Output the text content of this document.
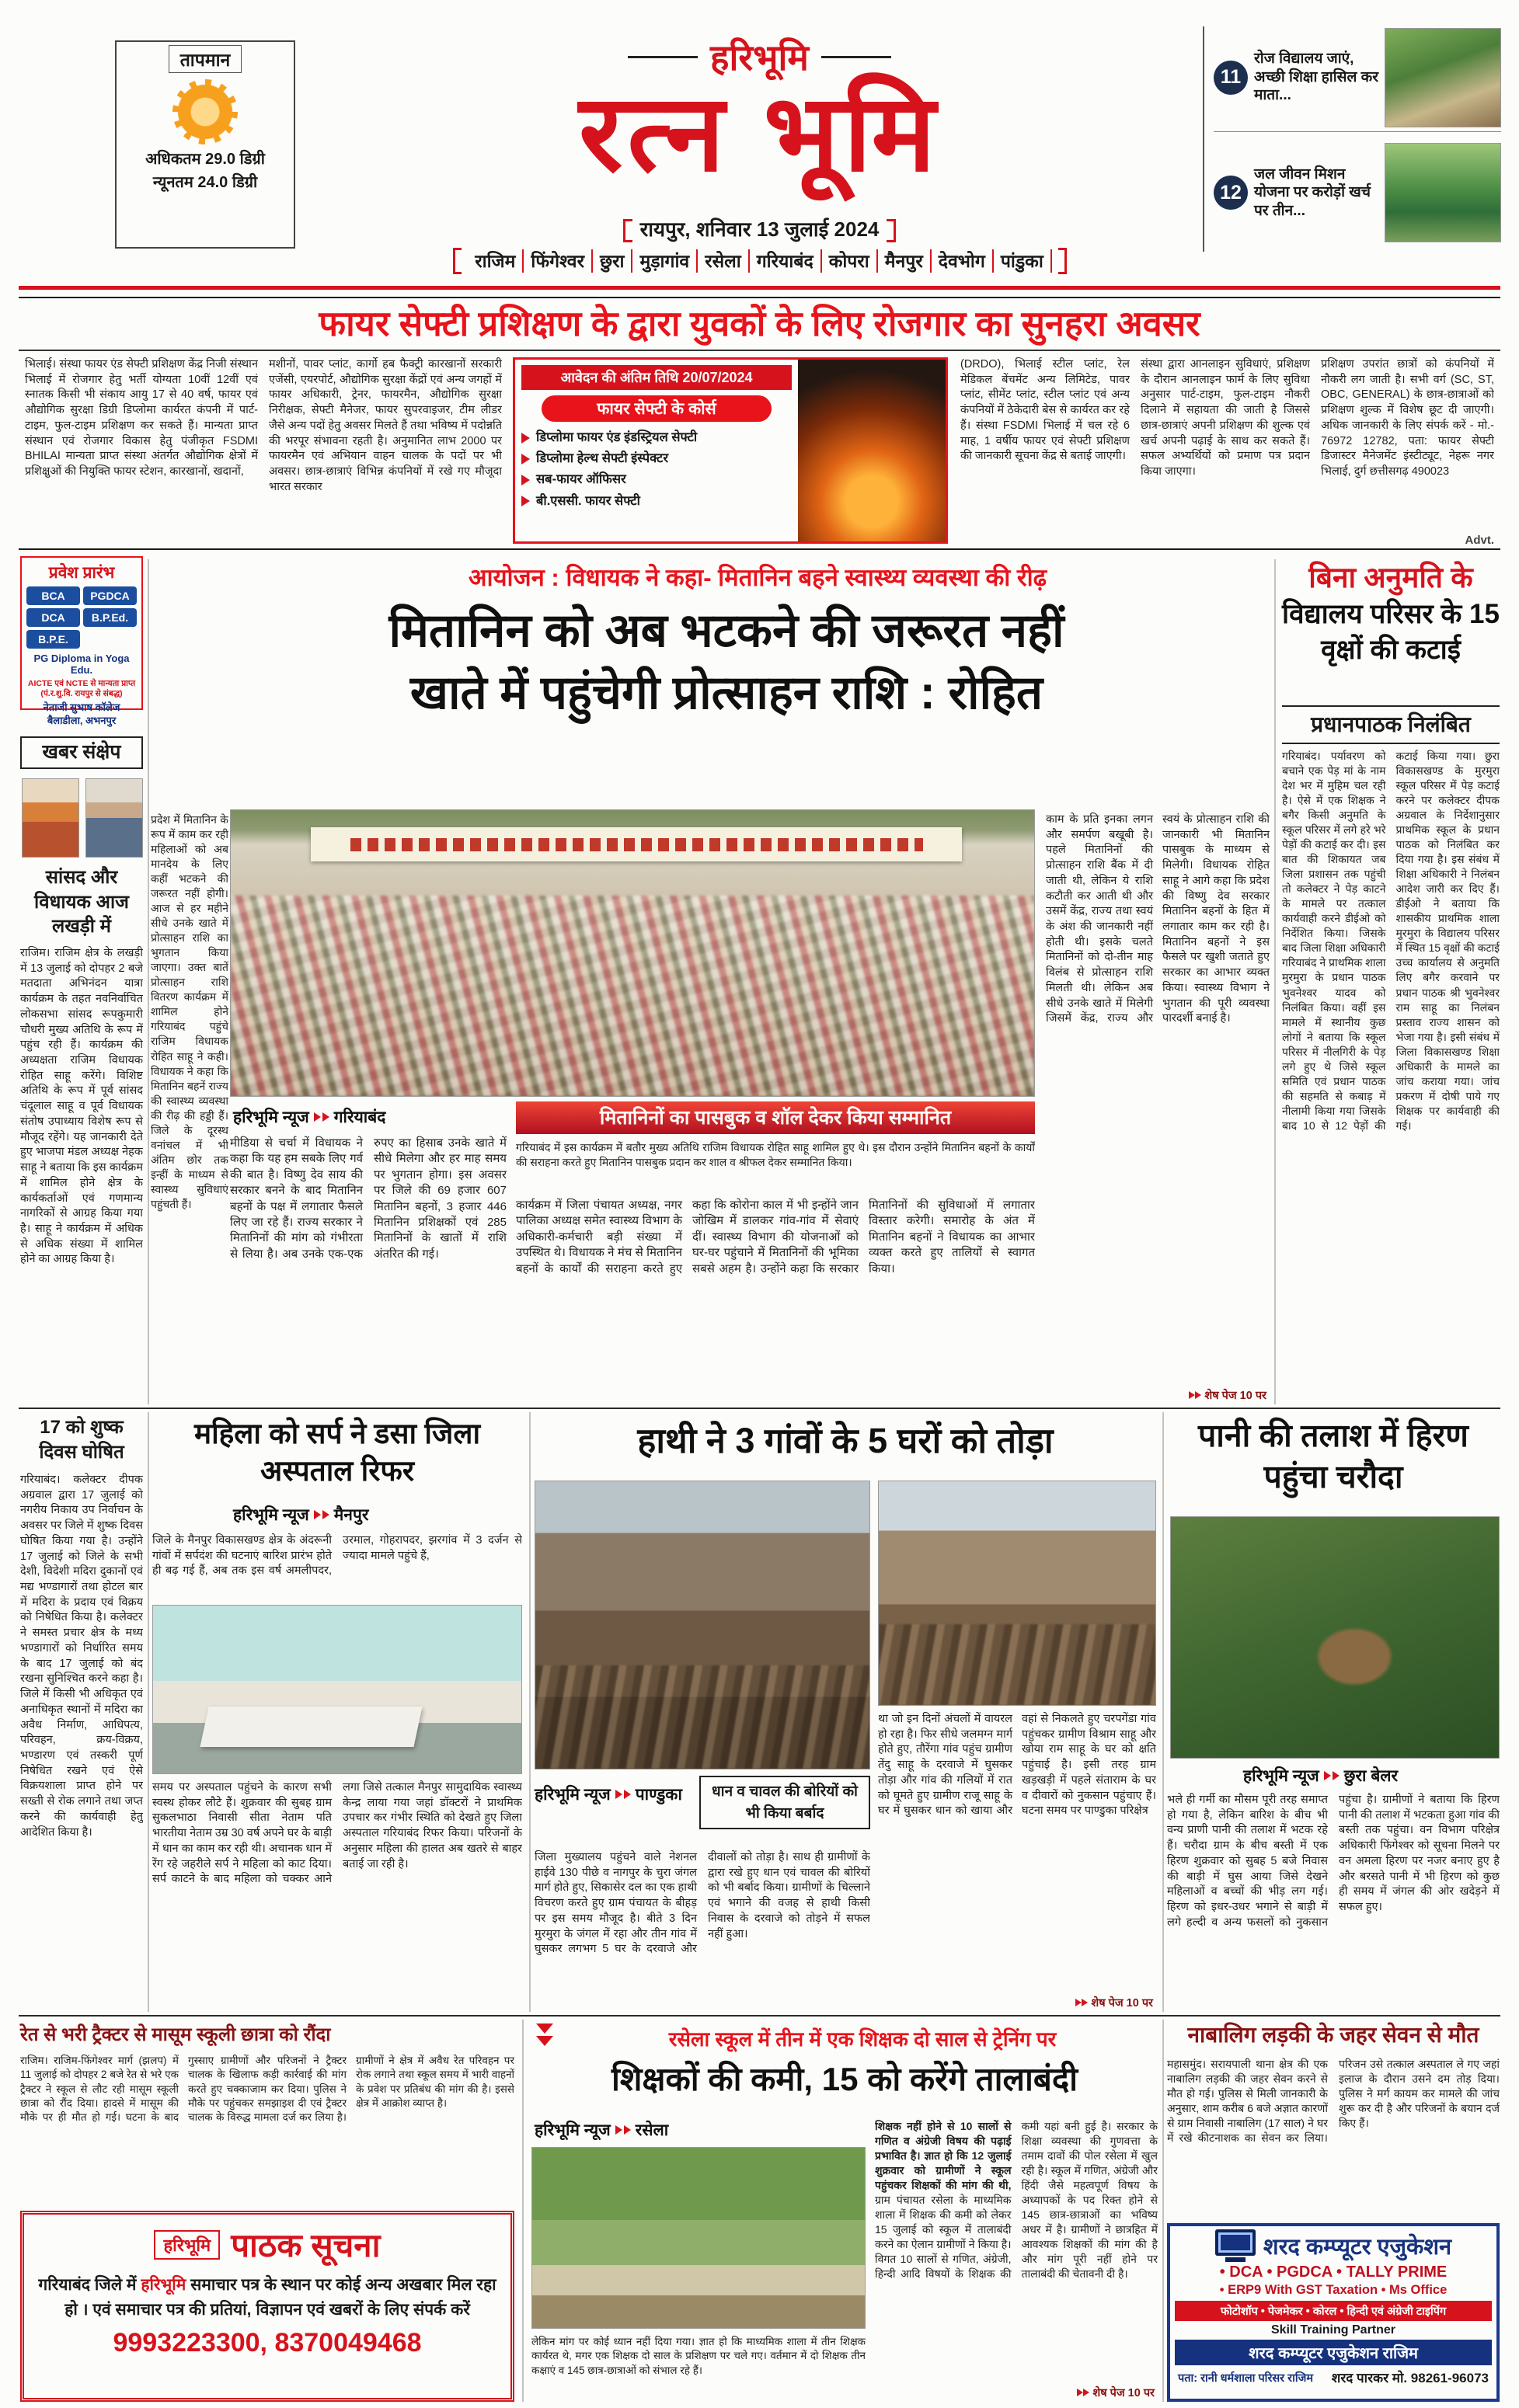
तापमान
अधिकतम 29.0 डिग्री
न्यूनतम 24.0 डिग्री
हरिभूमि
रत्न भूमि
रायपुर, शनिवार 13 जुलाई 2024
11
रोज विद्यालय जाएं, अच्छी शिक्षा हासिल कर माता...
12
जल जीवन मिशन योजना पर करोड़ों खर्च पर तीन...
राजिम फिंगेश्वर छुरा मुड़ागांव रसेला गरियाबंद कोपरा मैनपुर देवभोग पांडुका
फायर सेफ्टी प्रशिक्षण के द्वारा युवकों के लिए रोजगार का सुनहरा अवसर
भिलाई। संस्था फायर एंड सेफ्टी प्रशिक्षण केंद्र निजी संस्थान भिलाई में रोजगार हेतु भर्ती योग्यता 10वीं 12वीं एवं स्नातक किसी भी संकाय आयु 17 से 40 वर्ष, फायर एवं औद्योगिक सुरक्षा डिग्री डिप्लोमा कार्यरत कंपनी में पार्ट-टाइम, फुल-टाइम प्रशिक्षण कर सकते हैं। मान्यता प्राप्त संस्थान एवं रोजगार विकास हेतु पंजीकृत FSDMI BHILAI मान्यता प्राप्त संस्था अंतर्गत औद्योगिक क्षेत्रों में प्रशिक्षुओं की नियुक्ति फायर स्टेशन, कारखानों, खदानों,
मशीनों, पावर प्लांट, कार्गो हब फैक्ट्री कारखानों सरकारी एजेंसी, एयरपोर्ट, औद्योगिक सुरक्षा केंद्रों एवं अन्य जगहों में फायर अधिकारी, ट्रेनर, फायरमैन, औद्योगिक सुरक्षा निरीक्षक, सेफ्टी मैनेजर, फायर सुपरवाइजर, टीम लीडर जैसे अन्य पदों हेतु अवसर मिलते हैं तथा भविष्य में पदोन्नति की भरपूर संभावना रहती है। अनुमानित लाभ 2000 पर फायरमैन एवं अभियान वाहन चालक के पदों पर भी अवसर। छात्र-छात्राएं विभिन्न कंपनियों में रखे गए मौजूदा भारत सरकार
आवेदन की अंतिम तिथि 20/07/2024
फायर सेफ्टी के कोर्स
डिप्लोमा फायर एंड इंडस्ट्रियल सेफ्टी
डिप्लोमा हेल्थ सेफ्टी इंस्पेक्टर
सब-फायर ऑफिसर
बी.एससी. फायर सेफ्टी
(DRDO), भिलाई स्टील प्लांट, रेल मेडिकल बेंचमेंट अन्य लिमिटेड, पावर प्लांट, सीमेंट प्लांट, स्टील प्लांट एवं अन्य कंपनियों में ठेकेदारी बेस से कार्यरत कर रहे हैं। संस्था FSDMI भिलाई में चल रहे 6 माह, 1 वर्षीय फायर एवं सेफ्टी प्रशिक्षण की जानकारी सूचना केंद्र से बताई जाएगी।
संस्था द्वारा आनलाइन सुविधाएं, प्रशिक्षण के दौरान आनलाइन फार्म के लिए सुविधा अनुसार पार्ट-टाइम, फुल-टाइम नौकरी दिलाने में सहायता की जाती है जिससे छात्र-छात्राएं अपनी प्रशिक्षण की शुल्क एवं खर्च अपनी पढ़ाई के साथ कर सकते हैं। सफल अभ्यर्थियों को प्रमाण पत्र प्रदान किया जाएगा।
प्रशिक्षण उपरांत छात्रों को कंपनियों में नौकरी लग जाती है। सभी वर्ग (SC, ST, OBC, GENERAL) के छात्र-छात्राओं को प्रशिक्षण शुल्क में विशेष छूट दी जाएगी। अधिक जानकारी के लिए संपर्क करें - मो.- 76972 12782, पता: फायर सेफ्टी डिजास्टर मैनेजमेंट इंस्टीट्यूट, नेहरू नगर भिलाई, दुर्ग छत्तीसगढ़ 490023
Advt.
प्रवेश प्रारंभ
BCA	PGDCA
DCA	B.P.Ed.
B.P.E.
PG Diploma in Yoga Edu.
AICTE एवं NCTE से मान्यता प्राप्त (पं.र.शु.वि. रायपुर से संबद्ध)
नेताजी सुभाष कॉलेज बैलाडीला, अभनपुर
खबर संक्षेप
सांसद और विधायक आज लखड़ी में
राजिम। राजिम क्षेत्र के लखड़ी में 13 जुलाई को दोपहर 2 बजे मतदाता अभिनंदन यात्रा कार्यक्रम के तहत नवनिर्वाचित लोकसभा सांसद रूपकुमारी चौधरी मुख्य अतिथि के रूप में पहुंच रही हैं। कार्यक्रम की अध्यक्षता राजिम विधायक रोहित साहू करेंगे। विशिष्ट अतिथि के रूप में पूर्व सांसद चंदूलाल साहू व पूर्व विधायक संतोष उपाध्याय विशेष रूप से मौजूद रहेंगे। यह जानकारी देते हुए भाजपा मंडल अध्यक्ष नेहक साहू ने बताया कि इस कार्यक्रम में शामिल होने क्षेत्र के कार्यकर्ताओं एवं गणमान्य नागरिकों से आग्रह किया गया है। साहू ने कार्यक्रम में अधिक से अधिक संख्या में शामिल होने का आग्रह किया है।
आयोजन : विधायक ने कहा- मितानिन बहने स्वास्थ्य व्यवस्था की रीढ़
मितानिन को अब भटकने की जरूरत नहीं
खाते में पहुंचेगी प्रोत्साहन राशि : रोहित
प्रदेश में मितानिन के रूप में काम कर रही महिलाओं को अब मानदेय के लिए कहीं भटकने की जरूरत नहीं होगी। आज से हर महीने सीधे उनके खाते में प्रोत्साहन राशि का भुगतान किया जाएगा। उक्त बातें प्रोत्साहन राशि वितरण कार्यक्रम में शामिल होने गरियाबंद पहुंचे राजिम विधायक रोहित साहू ने कही। विधायक ने कहा कि मितानिन बहनें राज्य की स्वास्थ्य व्यवस्था की रीढ़ की हड्डी हैं। जिले के दूरस्थ वनांचल में भी अंतिम छोर तक इन्हीं के माध्यम से स्वास्थ्य सुविधाएं पहुंचती हैं।
हरिभूमि न्यूज गरियाबंद	मितानिनों का पासबुक व शॉल देकर किया सम्मानित
गरियाबंद में इस कार्यक्रम में बतौर मुख्य अतिथि राजिम विधायक रोहित साहू शामिल हुए थे। इस दौरान उन्होंने मितानिन बहनों के कार्यों की सराहना करते हुए मितानिन पासबुक प्रदान कर शाल व श्रीफल देकर सम्मानित किया।
मीडिया से चर्चा में विधायक ने कहा कि यह हम सबके लिए गर्व की बात है। विष्णु देव साय की सरकार बनने के बाद मितानिन बहनों के पक्ष में लगातार फैसले लिए जा रहे हैं। राज्य सरकार ने मितानिनों की मांग को गंभीरता से लिया है। अब उनके एक-एक रुपए का हिसाब उनके खाते में सीधे मिलेगा और हर माह समय पर भुगतान होगा। इस अवसर पर जिले की 69 हजार 607 मितानिन बहनों, 3 हजार 446 मितानिन प्रशिक्षकों एवं 285 मितानिनों के खातों में राशि अंतरित की गई।
कार्यक्रम में जिला पंचायत अध्यक्ष, नगर पालिका अध्यक्ष समेत स्वास्थ्य विभाग के अधिकारी-कर्मचारी बड़ी संख्या में उपस्थित थे। विधायक ने मंच से मितानिन बहनों के कार्यों की सराहना करते हुए कहा कि कोरोना काल में भी इन्होंने जान जोखिम में डालकर गांव-गांव में सेवाएं दीं। स्वास्थ्य विभाग की योजनाओं को घर-घर पहुंचाने में मितानिनों की भूमिका सबसे अहम है। उन्होंने कहा कि सरकार मितानिनों की सुविधाओं में लगातार विस्तार करेगी। समारोह के अंत में मितानिन बहनों ने विधायक का आभार व्यक्त करते हुए तालियों से स्वागत किया।
काम के प्रति इनका लगन और समर्पण बखूबी है। पहले मितानिनों की प्रोत्साहन राशि बैंक में दी जाती थी, लेकिन ये राशि कटौती कर आती थी और उसमें केंद्र, राज्य तथा स्वयं के अंश की जानकारी नहीं होती थी। इसके चलते मितानिनों को दो-तीन माह विलंब से प्रोत्साहन राशि मिलती थी। लेकिन अब सीधे उनके खाते में मिलेगी जिसमें केंद्र, राज्य और स्वयं के प्रोत्साहन राशि की जानकारी भी मितानिन पासबुक के माध्यम से मिलेगी। विधायक रोहित साहू ने आगे कहा कि प्रदेश की विष्णु देव सरकार मितानिन बहनों के हित में लगातार काम कर रही है। मितानिन बहनों ने इस फैसले पर खुशी जताते हुए सरकार का आभार व्यक्त किया। स्वास्थ्य विभाग ने भुगतान की पूरी व्यवस्था पारदर्शी बनाई है।
शेष पेज 10 पर
बिना अनुमति के
विद्यालय परिसर के 15 वृक्षों की कटाई
प्रधानपाठक निलंबित
गरियाबंद। पर्यावरण को बचाने एक पेड़ मां के नाम देश भर में मुहिम चल रही है। ऐसे में एक शिक्षक ने बगैर किसी अनुमति के स्कूल परिसर में लगे हरे भरे पेड़ों की कटाई कर दी। इस बात की शिकायत जब जिला प्रशासन तक पहुंची तो कलेक्टर ने पेड़ काटने के मामले पर तत्काल कार्यवाही करने डीईओ को निर्देशित किया। जिसके बाद जिला शिक्षा अधिकारी गरियाबंद ने प्राथमिक शाला मुरमुरा के प्रधान पाठक भुवनेश्वर यादव को निलंबित किया। वहीं इस मामले में स्थानीय कुछ लोगों ने बताया कि स्कूल परिसर में नीलगिरी के पेड़ लगे हुए थे जिसे स्कूल समिति एवं प्रधान पाठक की सहमति से कबाड़ में नीलामी किया गया जिसके बाद 10 से 12 पेड़ों की कटाई किया गया। छुरा विकासखण्ड के मुरमुरा स्कूल परिसर में पेड़ कटाई करने पर कलेक्टर दीपक अग्रवाल के निर्देशानुसार प्राथमिक स्कूल के प्रधान पाठक को निलंबित कर दिया गया है। इस संबंध में शिक्षा अधिकारी ने निलंबन आदेश जारी कर दिए हैं। डीईओ ने बताया कि शासकीय प्राथमिक शाला मुरमुरा के विद्यालय परिसर में स्थित 15 वृक्षों की कटाई उच्च कार्यालय से अनुमति लिए बगैर करवाने पर प्रधान पाठक श्री भुवनेश्वर राम साहू का निलंबन प्रस्ताव राज्य शासन को भेजा गया है। इसी संबंध में जिला विकासखण्ड शिक्षा अधिकारी के मामले का जांच कराया गया। जांच प्रकरण में दोषी पाये गए शिक्षक पर कार्यवाही की गई।
17 को शुष्क दिवस घोषित
गरियाबंद। कलेक्टर दीपक अग्रवाल द्वारा 17 जुलाई को नगरीय निकाय उप निर्वाचन के अवसर पर जिले में शुष्क दिवस घोषित किया गया है। उन्होंने 17 जुलाई को जिले के सभी देशी, विदेशी मदिरा दुकानों एवं मद्य भण्डागारों तथा होटल बार में मदिरा के प्रदाय एवं विक्रय को निषेधित किया है। कलेक्टर ने समस्त प्रचार क्षेत्र के मध्य भण्डागारों को निर्धारित समय के बाद 17 जुलाई को बंद रखना सुनिश्चित करने कहा है। जिले में किसी भी अधिकृत एवं अनाधिकृत स्थानों में मदिरा का अवैध निर्माण, आधिपत्य, परिवहन, क्रय-विक्रय, भण्डारण एवं तस्करी पूर्ण निषेधित रखने एवं ऐसे विक्रयशाला प्राप्त होने पर सख्ती से रोक लगाने तथा जप्त करने की कार्यवाही हेतु आदेशित किया है।
महिला को सर्प ने डसा जिला अस्पताल रिफर
हरिभूमि न्यूज मैनपुर
जिले के मैनपुर विकासखण्ड क्षेत्र के अंदरूनी गांवों में सर्पदंश की घटनाएं बारिश प्रारंभ होते ही बढ़ गई हैं, अब तक इस वर्ष अमलीपदर, उरमाल, गोहरापदर, झरगांव में 3 दर्जन से ज्यादा मामले पहुंचे हैं,
समय पर अस्पताल पहुंचने के कारण सभी स्वस्थ होकर लौटे हैं। शुक्रवार की सुबह ग्राम सुकलभाठा निवासी सीता नेताम पति भारतीया नेताम उम्र 30 वर्ष अपने घर के बाड़ी में धान का काम कर रही थी। अचानक धान में रेंग रहे जहरीले सर्प ने महिला को काट दिया। सर्प काटने के बाद महिला को चक्कर आने लगा जिसे तत्काल मैनपुर सामुदायिक स्वास्थ्य केन्द्र लाया गया जहां डॉक्टरों ने प्राथमिक उपचार कर गंभीर स्थिति को देखते हुए जिला अस्पताल गरियाबंद रिफर किया। परिजनों के अनुसार महिला की हालत अब खतरे से बाहर बताई जा रही है।
हाथी ने 3 गांवों के 5 घरों को तोड़ा
हरिभूमि न्यूज पाण्डुका	धान व चावल की बोरियों को भी किया बर्बाद
जिला मुख्यालय पहुंचने वाले नेशनल हाईवे 130 पीछे व नागपुर के चुरा जंगल मार्ग होते हुए, सिकासेर दल का एक हाथी विचरण करते हुए ग्राम पंचायत के बीहड़ पर इस समय मौजूद है। बीते 3 दिन मुरमुरा के जंगल में रहा और तीन गांव में घुसकर लगभग 5 घर के दरवाजे और दीवालों को तोड़ा है। साथ ही ग्रामीणों के द्वारा रखे हुए धान एवं चावल की बोरियों को भी बर्बाद किया। ग्रामीणों के चिल्लाने एवं भगाने की वजह से हाथी किसी निवास के दरवाजे को तोड़ने में सफल नहीं हुआ।
था जो इन दिनों अंचलों में वायरल हो रहा है। फिर सीधे जलमग्न मार्ग होते हुए, तौरेंगा गांव पहुंच ग्रामीण तेंदु साहू के दरवाजे में घुसकर तोड़ा और गांव की गलियों में रात को घूमते हुए ग्रामीण राजू साहू के घर में घुसकर धान को खाया और वहां से निकलते हुए चरपगेंडा गांव पहुंचकर ग्रामीण विश्राम साहू और खोया राम साहू के घर को क्षति पहुंचाई है। इसी तरह ग्राम खड़खड़ी में पहले संताराम के घर व दीवारों को नुकसान पहुंचाए हैं। घटना समय पर पाण्डुका परिक्षेत्र
शेष पेज 10 पर
पानी की तलाश में हिरण पहुंचा चरौदा
हरिभूमि न्यूज छुरा बेलर
भले ही गर्मी का मौसम पूरी तरह समाप्त हो गया है, लेकिन बारिश के बीच भी वन्य प्राणी पानी की तलाश में भटक रहे हैं। चरौदा ग्राम के बीच बस्ती में एक हिरण शुक्रवार को सुबह 5 बजे निवास की बाड़ी में घुस आया जिसे देखने महिलाओं व बच्चों की भीड़ लग गई। हिरण को इधर-उधर भगाने से बाड़ी में लगे हल्दी व अन्य फसलों को नुकसान पहुंचा है। ग्रामीणों ने बताया कि हिरण पानी की तलाश में भटकता हुआ गांव की बस्ती तक पहुंचा। वन विभाग परिक्षेत्र अधिकारी फिंगेश्वर को सूचना मिलने पर वन अमला हिरण पर नजर बनाए हुए है और बरसते पानी में भी हिरण को कुछ ही समय में जंगल की ओर खदेड़ने में सफल हुए।
रेत से भरी ट्रैक्टर से मासूम स्कूली छात्रा को रौंदा
राजिम। राजिम-फिंगेश्वर मार्ग (झलप) में 11 जुलाई को दोपहर 2 बजे रेत से भरे एक ट्रैक्टर ने स्कूल से लौट रही मासूम स्कूली छात्रा को रौंद दिया। हादसे में मासूम की मौके पर ही मौत हो गई। घटना के बाद गुस्साए ग्रामीणों और परिजनों ने ट्रैक्टर चालक के खिलाफ कड़ी कार्रवाई की मांग करते हुए चक्काजाम कर दिया। पुलिस ने मौके पर पहुंचकर समझाइश दी एवं ट्रैक्टर चालक के विरुद्ध मामला दर्ज कर लिया है। ग्रामीणों ने क्षेत्र में अवैध रेत परिवहन पर रोक लगाने तथा स्कूल समय में भारी वाहनों के प्रवेश पर प्रतिबंध की मांग की है। इससे क्षेत्र में आक्रोश व्याप्त है।
हरिभूमि पाठक सूचना
गरियाबंद जिले में हरिभूमि समाचार पत्र के स्थान पर कोई अन्य अखबार मिल रहा हो । एवं समाचार पत्र की प्रतियां, विज्ञापन एवं खबरों के लिए संपर्क करें
9993223300, 8370049468
रसेला स्कूल में तीन में एक शिक्षक दो साल से ट्रेनिंग पर
शिक्षकों की कमी, 15 को करेंगे तालाबंदी
हरिभूमि न्यूज रसेला
लेकिन मांग पर कोई ध्यान नहीं दिया गया। ज्ञात हो कि माध्यमिक शाला में तीन शिक्षक कार्यरत थे, मगर एक शिक्षक दो साल के प्रशिक्षण पर चले गए। वर्तमान में दो शिक्षक तीन कक्षाएं व 145 छात्र-छात्राओं को संभाल रहे हैं।
शिक्षक नहीं होने से 10 सालों से गणित व अंग्रेजी विषय की पढ़ाई प्रभावित है। ज्ञात हो कि 12 जुलाई शुक्रवार को ग्रामीणों ने स्कूल पहुंचकर शिक्षकों की मांग की थी, ग्राम पंचायत रसेला के माध्यमिक शाला में शिक्षक की कमी को लेकर 15 जुलाई को स्कूल में तालाबंदी करने का ऐलान ग्रामीणों ने किया है। विगत 10 सालों से गणित, अंग्रेजी, हिन्दी आदि विषयों के शिक्षक की कमी यहां बनी हुई है। सरकार के शिक्षा व्यवस्था की गुणवत्ता के तमाम दावों की पोल रसेला में खुल रही है। स्कूल में गणित, अंग्रेजी और हिंदी जैसे महत्वपूर्ण विषय के अध्यापकों के पद रिक्त होने से 145 छात्र-छात्राओं का भविष्य अधर में है। ग्रामीणों ने छात्रहित में आवश्यक शिक्षकों की मांग की है और मांग पूरी नहीं होने पर तालाबंदी की चेतावनी दी है।
शेष पेज 10 पर
नाबालिग लड़की के जहर सेवन से मौत
महासमुंद। सरायपाली थाना क्षेत्र की एक नाबालिग लड़की की जहर सेवन करने से मौत हो गई। पुलिस से मिली जानकारी के अनुसार, शाम करीब 6 बजे अज्ञात कारणों से ग्राम निवासी नाबालिग (17 साल) ने घर में रखे कीटनाशक का सेवन कर लिया। परिजन उसे तत्काल अस्पताल ले गए जहां इलाज के दौरान उसने दम तोड़ दिया। पुलिस ने मर्ग कायम कर मामले की जांच शुरू कर दी है और परिजनों के बयान दर्ज किए हैं।
शरद कम्प्यूटर एजुकेशन
• DCA • PGDCA • TALLY PRIME
• ERP9 With GST Taxation • Ms Office
फोटोशॉप • पेजमेकर • कोरल • हिन्दी एवं अंग्रेजी टाइपिंग
Skill Training Partner
शरद कम्प्यूटर एजुकेशन राजिम
पता: रानी धर्मशाला परिसर राजिम शरद पारकर मो. 98261-96073
